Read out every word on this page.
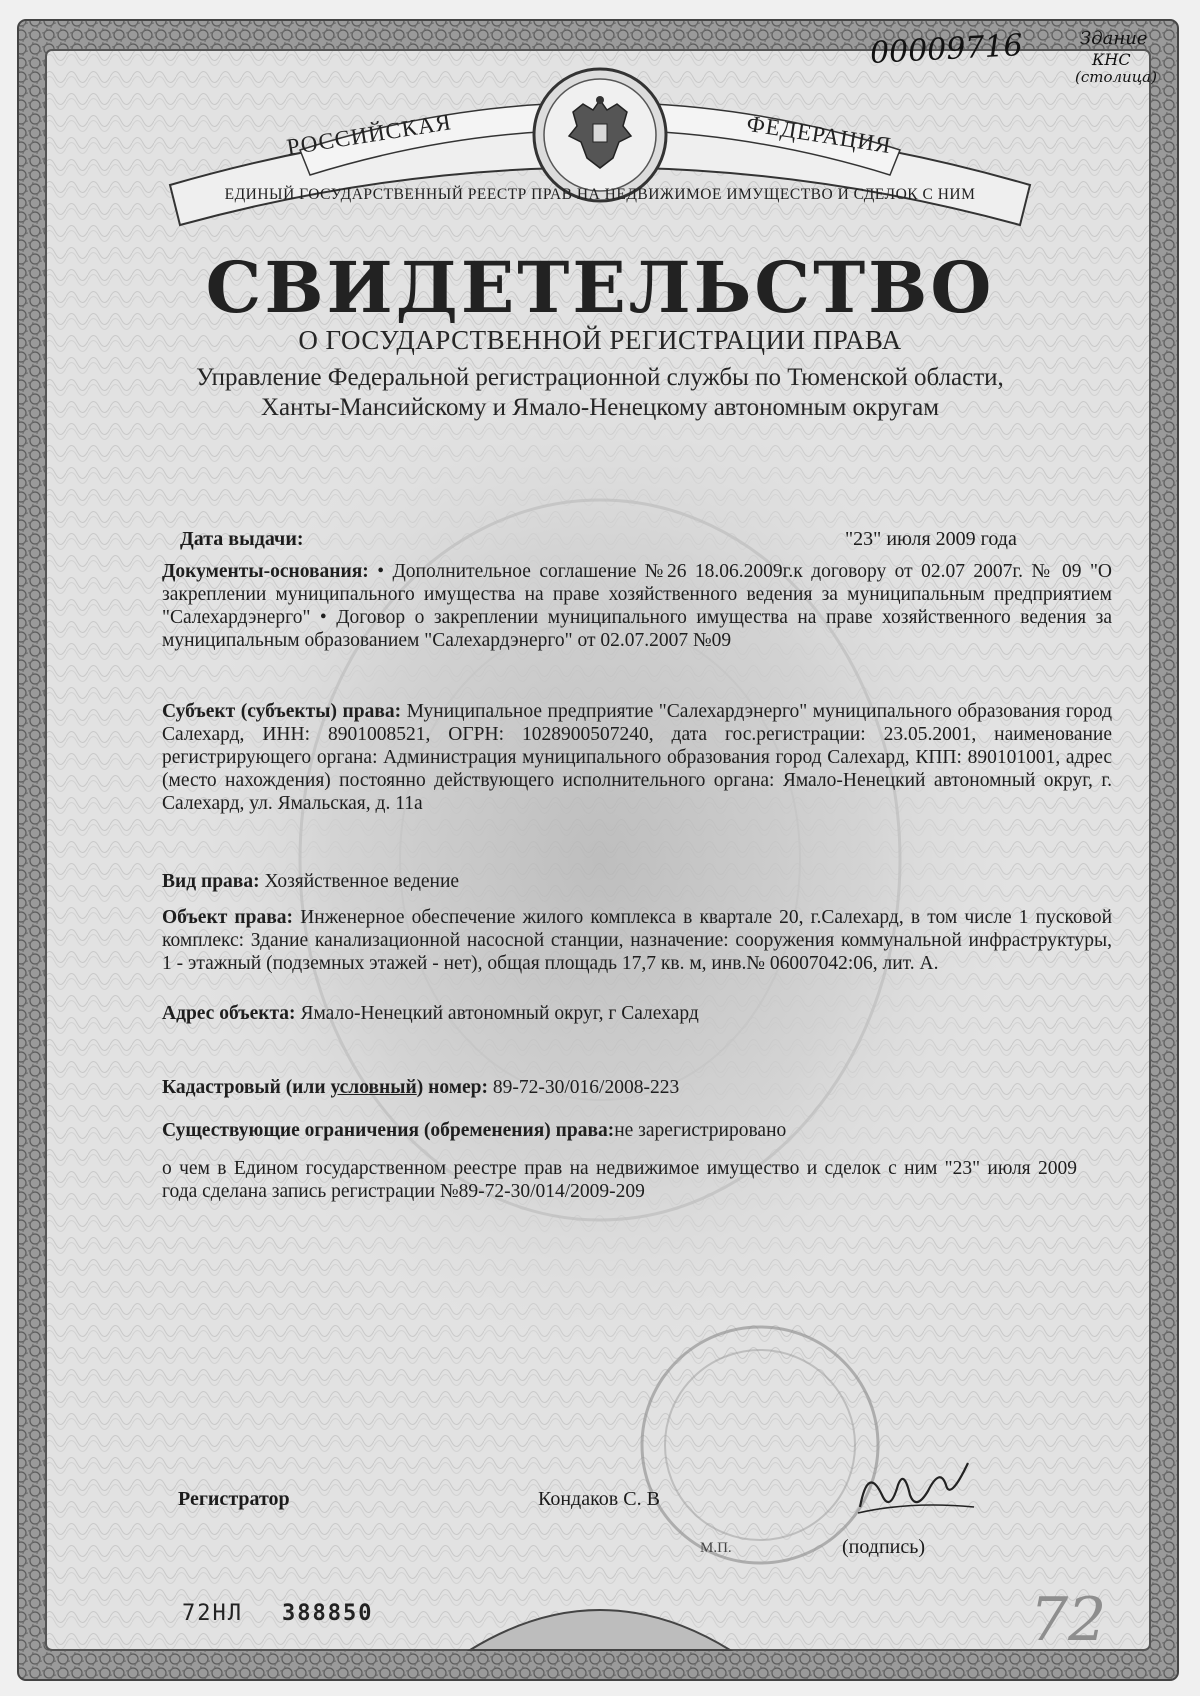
РОССИЙСКАЯ	ФЕДЕРАЦИЯ
ЕДИНЫЙ ГОСУДАРСТВЕННЫЙ РЕЕСТР ПРАВ НА НЕДВИЖИМОЕ ИМУЩЕСТВО И СДЕЛОК С НИМ
00009716	Здание
КНС
(столица)
СВИДЕТЕЛЬСТВО
О ГОСУДАРСТВЕННОЙ РЕГИСТРАЦИИ ПРАВА
Управление Федеральной регистрационной службы по Тюменской области,
Ханты-Мансийскому и Ямало-Ненецкому автономным округам
Дата выдачи:	"23" июля 2009 года
Документы-основания: • Дополнительное соглашение №26 18.06.2009г.к договору от 02.07 2007г. № 09 "О закреплении муниципального имущества на праве хозяйственного ведения за муниципальным предприятием "Салехардэнерго" • Договор о закреплении муниципального имущества на праве хозяйственного ведения за муниципальным образованием "Салехардэнерго" от 02.07.2007 №09
Субъект (субъекты) права: Муниципальное предприятие "Салехардэнерго" муниципального образования город Салехард, ИНН: 8901008521, ОГРН: 1028900507240, дата гос.регистрации: 23.05.2001, наименование регистрирующего органа: Администрация муниципального образования город Салехард, КПП: 890101001, адрес (место нахождения) постоянно действующего исполнительного органа: Ямало-Ненецкий автономный округ, г. Салехард, ул. Ямальская, д. 11а
Вид права: Хозяйственное ведение
Объект права: Инженерное обеспечение жилого комплекса в квартале 20, г.Салехард, в том числе 1 пусковой комплекс: Здание канализационной насосной станции, назначение: сооружения коммунальной инфраструктуры, 1 - этажный (подземных этажей - нет), общая площадь 17,7 кв. м, инв.№ 06007042:06, лит. А.
Адрес объекта: Ямало-Ненецкий автономный округ, г Салехард
Кадастровый (или условный) номер: 89-72-30/016/2008-223
Существующие ограничения (обременения) права:не зарегистрировано
о чем в Едином государственном реестре прав на недвижимое имущество и сделок с ним "23" июля 2009 года сделана запись регистрации №89-72-30/014/2009-209
Регистратор	Кондаков С. В
М.П.	(подпись)
72НЛ 388850	72
